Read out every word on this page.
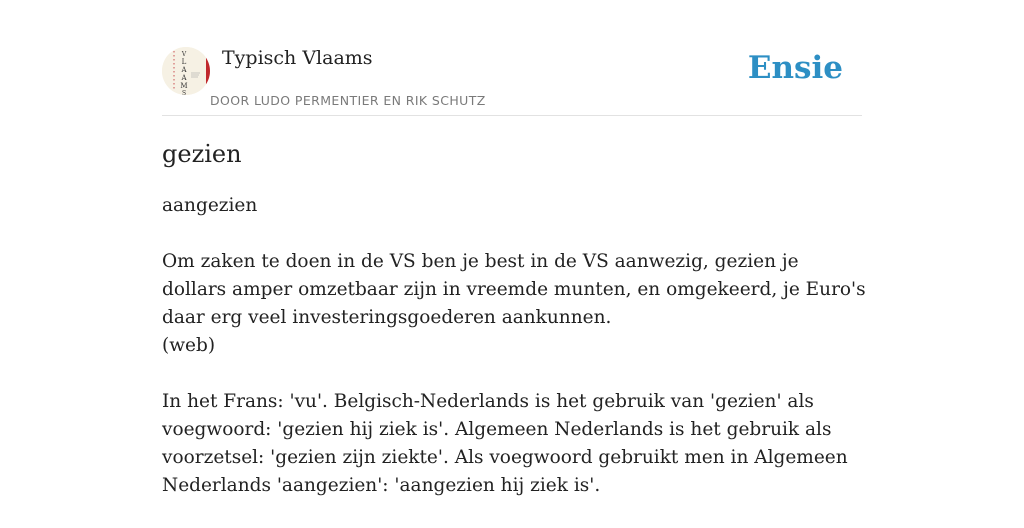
V
L
A
A
M
S
Typisch Vlaams
DOOR LUDO PERMENTIER EN RIK SCHUTZ
Ensie
gezien

aangezien

Om zaken te doen in de VS ben je best in de VS aanwezig, gezien je dollars amper omzetbaar zijn in vreemde munten, en omgekeerd, je Euro's daar erg veel investeringsgoederen aankunnen.

(web)

In het Frans: 'vu'. Belgisch-Nederlands is het gebruik van 'gezien' als voegwoord: 'gezien hij ziek is'. Algemeen Nederlands is het gebruik als voorzetsel: 'gezien zijn ziekte'. Als voegwoord gebruikt men in Algemeen Nederlands 'aangezien': 'aangezien hij ziek is'.
